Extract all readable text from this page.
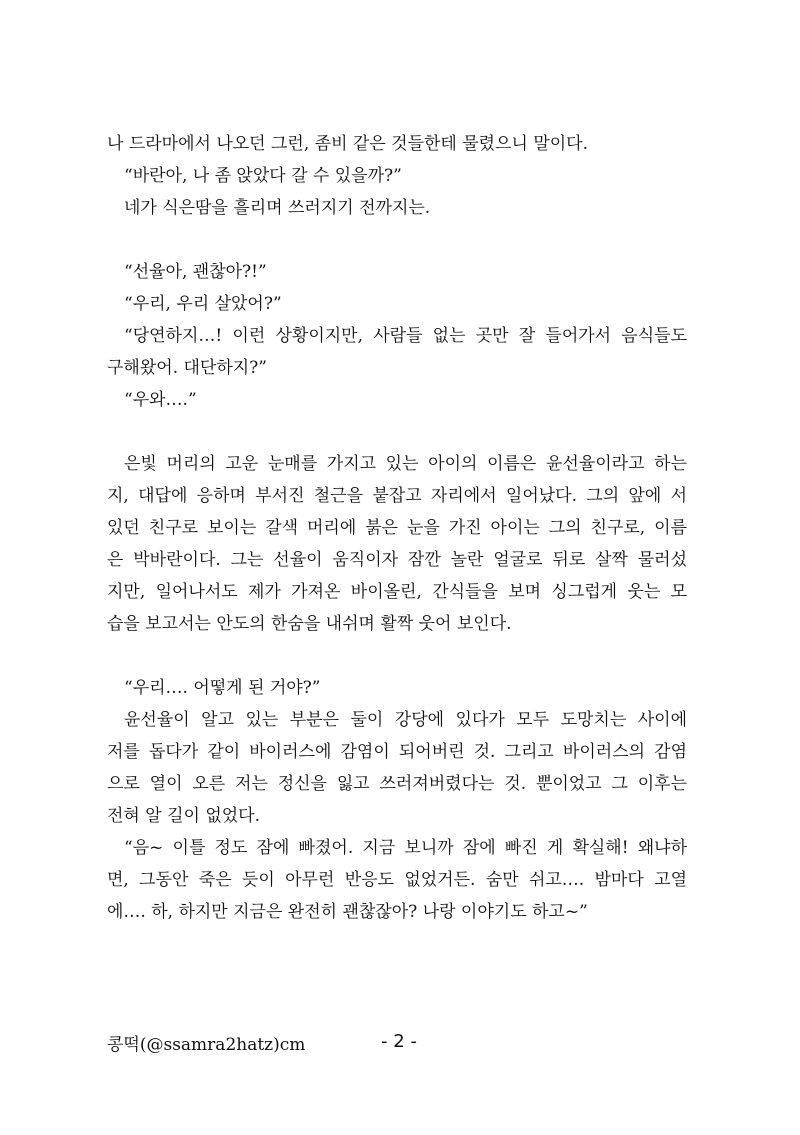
나 드라마에서 나오던 그런, 좀비 같은 것들한테 물렸으니 말이다.
“바란아, 나 좀 앉았다 갈 수 있을까?”
네가 식은땀을 흘리며 쓰러지기 전까지는.
“선율아, 괜찮아?!”
“우리, 우리 살았어?”
“당연하지…! 이런 상황이지만, 사람들 없는 곳만 잘 들어가서 음식들도
구해왔어. 대단하지?”
“우와….”
은빛 머리의 고운 눈매를 가지고 있는 아이의 이름은 윤선율이라고 하는
지, 대답에 응하며 부서진 철근을 붙잡고 자리에서 일어났다. 그의 앞에 서
있던 친구로 보이는 갈색 머리에 붉은 눈을 가진 아이는 그의 친구로, 이름
은 박바란이다. 그는 선율이 움직이자 잠깐 놀란 얼굴로 뒤로 살짝 물러섰
지만, 일어나서도 제가 가져온 바이올린, 간식들을 보며 싱그럽게 웃는 모
습을 보고서는 안도의 한숨을 내쉬며 활짝 웃어 보인다.
“우리…. 어떻게 된 거야?”
윤선율이 알고 있는 부분은 둘이 강당에 있다가 모두 도망치는 사이에
저를 돕다가 같이 바이러스에 감염이 되어버린 것. 그리고 바이러스의 감염
으로 열이 오른 저는 정신을 잃고 쓰러져버렸다는 것. 뿐이었고 그 이후는
전혀 알 길이 없었다.
“음~ 이틀 정도 잠에 빠졌어. 지금 보니까 잠에 빠진 게 확실해! 왜냐하
면, 그동안 죽은 듯이 아무런 반응도 없었거든. 숨만 쉬고…. 밤마다 고열
에…. 하, 하지만 지금은 완전히 괜찮잖아? 나랑 이야기도 하고~”
콩떡(@ssamra2hatz)cm	- 2 -
